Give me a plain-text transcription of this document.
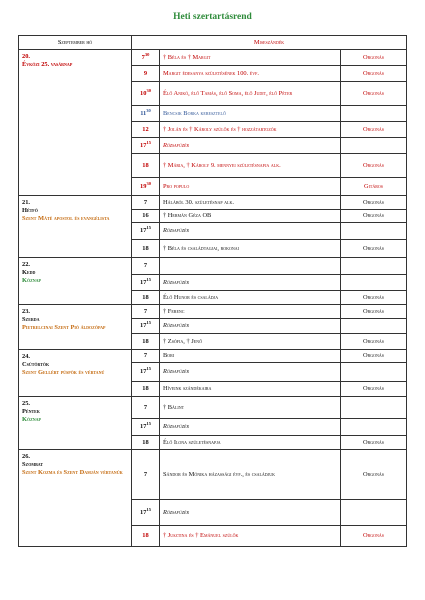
Heti szertartásrend
Szeptember hó	Miseszándék		

20.
Évközi 25. vasárnap	$7^{30}$	† Béla és † Margit	Orgonás
	9	Margit édesanya születésének 100. évf.	Orgonás
	$10^{30}$	Élő Anikó, élő Tamás, élő Soma, élő Judit, élő Péter	Orgonás
	$11^{30}$	Bencsik Borka keresztelő	
	12	† Jolán és † Károly szülők és † hozzátartozók	Orgonás
	$17^{15}$	Rózsafüzér	
	18	† Mária, † Károly 9. mennyei születésnapja alk.	Orgonás
	$19^{30}$	Pro populo	Gitáros

21.
Hétfő
Szent Máté apostol és evangélista	7	Hálából 30. születésnap alk.	Orgonás
	16	† Hermán Géza OB	Orgonás
	$17^{15}$	Rózsafüzér	
	18	† Béla és családtagjai, rokonai	Orgonás

22.
Kedd
Köznap	7		
	$17^{15}$	Rózsafüzér	
	18	Élő Hunor és családja	Orgonás

23.
Szerda
Pietrelcinai Szent Pió áldozópap	7	† Ferenc	Orgonás
	$17^{15}$	Rózsafüzér	
	18	† Zsófia, † Jenő	Orgonás

24.
Csütörtök
Szent Gellért püspök és vértanú	7	Bori	Orgonás
	$17^{15}$	Rózsafüzér	
	18	Híveink szándékaira	Orgonás

25.
Péntek
Köznap	7	† Bálint	
	$17^{15}$	Rózsafüzér	
	18	Élő Ilona születésnapja	Orgonás

26.
Szombat
Szent Kozma és Szent Damján vértanúk	7	Sándor és Mónika házassági évf., és családjuk	Orgonás
	$17^{15}$	Rózsafüzér	
	18	† Jusztina és † Emánuel szülők	Orgonás
